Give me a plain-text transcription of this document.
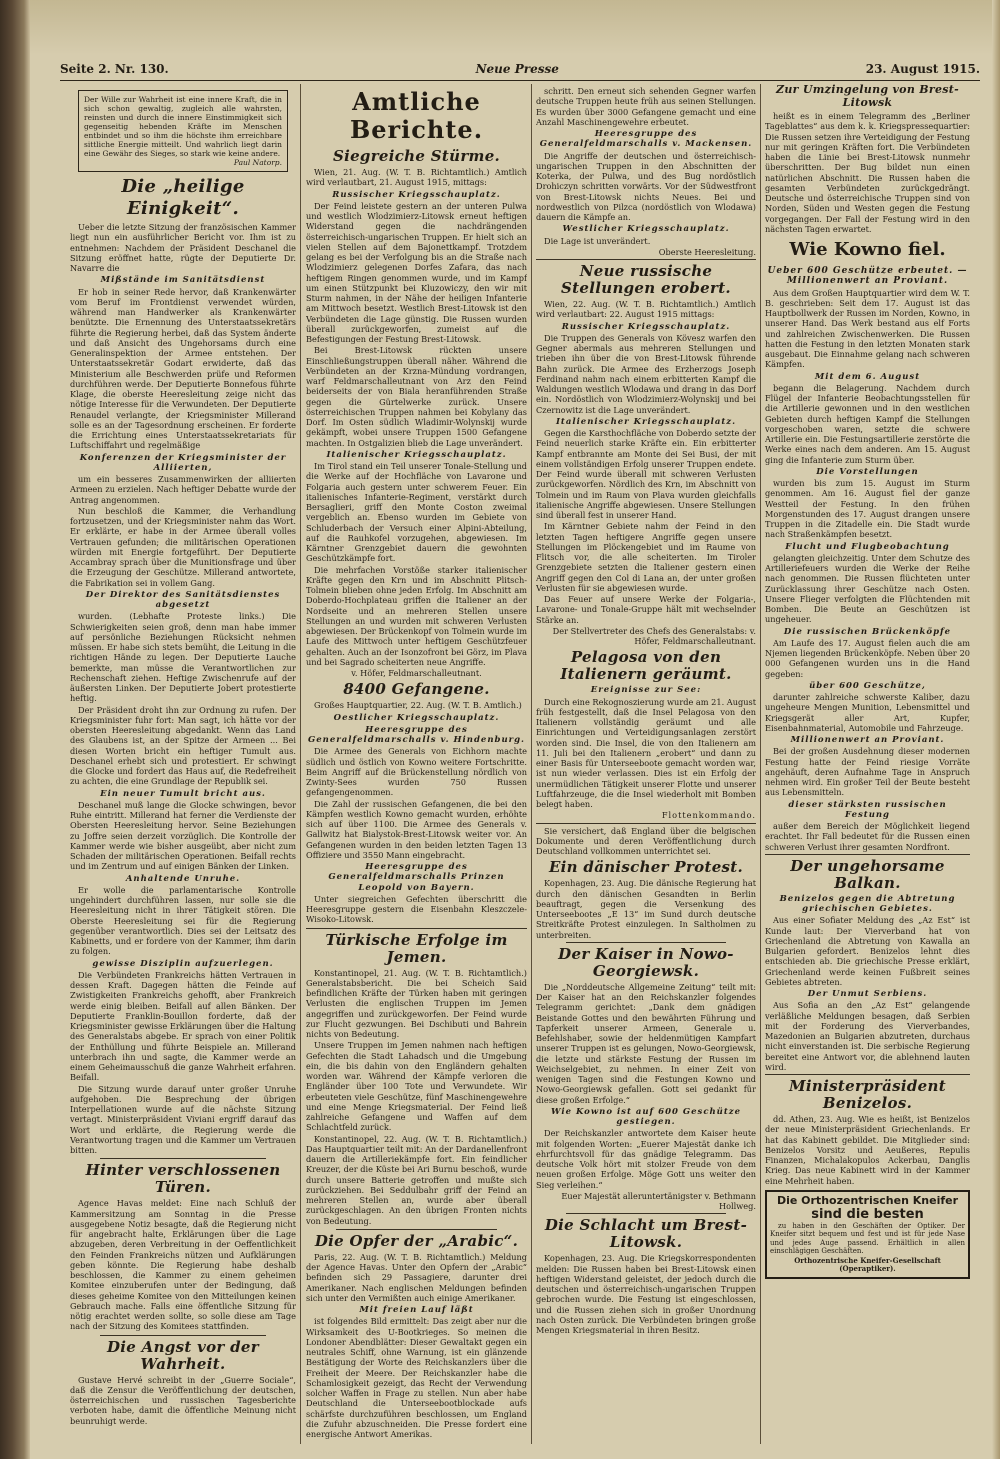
Seite 2. Nr. 130.	Neue Presse	23. August 1915.
Der Wille zur Wahrheit ist eine innere Kraft, die in sich schon gewaltig, zugleich alle wahrsten, reinsten und durch die innere Einstimmigkeit sich gegenseitig hebenden Kräfte im Menschen entbindet und so ihm die höchste ihm erreichbare sittliche Energie mitteilt. Und wahrlich liegt darin eine Gewähr des Sieges, so stark wie keine andere.
Paul Natorp.
Die „heilige Einigkeit“.

Ueber die letzte Sitzung der französischen Kammer liegt nun ein ausführlicher Bericht vor. Ihm ist zu entnehmen: Nachdem der Präsident Deschanel die Sitzung eröffnet hatte, rügte der Deputierte Dr. Navarre die

Mißstände im Sanitätsdienst

Er hob in seiner Rede hervor, daß Krankenwärter vom Beruf im Frontdienst verwendet würden, während man Handwerker als Krankenwärter benützte. Die Ernennung des Unterstaatssekretärs führte die Regierung herbei, daß das System änderte und daß Ansicht des Ungehorsams durch eine Generalinspektion der Armee entstehen. Der Unterstaatssekretär Godart erwiderte, daß das Ministerium alle Beschwerden prüfe und Reformen durchführen werde. Der Deputierte Bonnefous führte Klage, die oberste Heeresleitung zeige nicht das nötige Interesse für die Verwundeten. Der Deputierte Renaudel verlangte, der Kriegsminister Millerand solle es an der Tagesordnung erscheinen. Er forderte die Errichtung eines Unterstaatssekretariats für Luftschiffahrt und regelmäßige

Konferenzen der Kriegsminister der Alliierten,

um ein besseres Zusammenwirken der alliierten Armeen zu erzielen. Nach heftiger Debatte wurde der Antrag angenommen.

Nun beschloß die Kammer, die Verhandlung fortzusetzen, und der Kriegsminister nahm das Wort. Er erklärte, er habe in der Armee überall volles Vertrauen gefunden; die militärischen Operationen würden mit Energie fortgeführt. Der Deputierte Accambray sprach über die Munitionsfrage und über die Erzeugung der Geschütze. Millerand antwortete, die Fabrikation sei in vollem Gang.

Der Direktor des Sanitätsdienstes abgesetzt

wurden. (Lebhafte Proteste links.) Die Schwierigkeiten seien groß, denn man habe immer auf persönliche Beziehungen Rücksicht nehmen müssen. Er habe sich stets bemüht, die Leitung in die richtigen Hände zu legen. Der Deputierte Lauche bemerkte, man müsse die Verantwortlichen zur Rechenschaft ziehen. Heftige Zwischenrufe auf der äußersten Linken. Der Deputierte Jobert protestierte heftig.

Der Präsident droht ihn zur Ordnung zu rufen. Der Kriegsminister fuhr fort: Man sagt, ich hätte vor der obersten Heeresleitung abgedankt. Wenn das Land des Glaubens ist, an der Spitze der Armeen ... Bei diesen Worten bricht ein heftiger Tumult aus. Deschanel erhebt sich und protestiert. Er schwingt die Glocke und fordert das Haus auf, die Redefreiheit zu achten, die eine Grundlage der Republik sei.

Ein neuer Tumult bricht aus.

Deschanel muß lange die Glocke schwingen, bevor Ruhe eintritt. Millerand hat ferner die Verdienste der Obersten Heeresleitung hervor. Seine Beziehungen zu Joffre seien derzeit vorzüglich. Die Kontrolle der Kammer werde wie bisher ausgeübt, aber nicht zum Schaden der militärischen Operationen. Beifall rechts und im Zentrum und auf einigen Bänken der Linken.

Anhaltende Unruhe.

Er wolle die parlamentarische Kontrolle ungehindert durchführen lassen, nur solle sie die Heeresleitung nicht in ihrer Tätigkeit stören. Die Oberste Heeresleitung sei für die Regierung gegenüber verantwortlich. Dies sei der Leitsatz des Kabinetts, und er fordere von der Kammer, ihm darin zu folgen.

gewisse Disziplin aufzuerlegen.

Die Verbündeten Frankreichs hätten Vertrauen in dessen Kraft. Dagegen hätten die Feinde auf Zwistigkeiten Frankreichs gehofft, aber Frankreich werde einig bleiben. Beifall auf allen Bänken. Der Deputierte Franklin-Bouillon forderte, daß der Kriegsminister gewisse Erklärungen über die Haltung des Generalstabs abgebe. Er sprach von einer Politik der Enthüllung und führte Beispiele an. Millerand unterbrach ihn und sagte, die Kammer werde an einem Geheimausschuß die ganze Wahrheit erfahren. Beifall.

Die Sitzung wurde darauf unter großer Unruhe aufgehoben. Die Besprechung der übrigen Interpellationen wurde auf die nächste Sitzung vertagt. Ministerpräsident Viviani ergriff darauf das Wort und erklärte, die Regierung werde die Verantwortung tragen und die Kammer um Vertrauen bitten.

Hinter verschlossenen Türen.

Agence Havas meldet: Eine nach Schluß der Kammersitzung am Sonntag in die Presse ausgegebene Notiz besagte, daß die Regierung nicht für angebracht halte, Erklärungen über die Lage abzugeben, deren Verbreitung in der Oeffentlichkeit den Feinden Frankreichs nützen und Aufklärungen geben könnte. Die Regierung habe deshalb beschlossen, die Kammer zu einem geheimen Komitee einzuberufen unter der Bedingung, daß dieses geheime Komitee von den Mitteilungen keinen Gebrauch mache. Falls eine öffentliche Sitzung für nötig erachtet werden sollte, so solle diese am Tage nach der Sitzung des Komitees stattfinden.

Die Angst vor der Wahrheit.

Gustave Hervé schreibt in der „Guerre Sociale“, daß die Zensur die Veröffentlichung der deutschen, österreichischen und russischen Tagesberichte verboten habe, damit die öffentliche Meinung nicht beunruhigt werde.

Amtliche Berichte.
Siegreiche Stürme.

Wien, 21. Aug. (W. T. B. Richtamtlich.) Amtlich wird verlautbart, 21. August 1915, mittags:

Russischer Kriegsschauplatz.

Der Feind leistete gestern an der unteren Pulwa und westlich Wlodzimierz-Litowsk erneut heftigen Widerstand gegen die nachdrängenden österreichisch-ungarischen Truppen. Er hielt sich an vielen Stellen auf dem Bajonettkampf. Trotzdem gelang es bei der Verfolgung bis an die Straße nach Wlodzimierz gelegenen Dorfes Zafara, das nach heftigem Ringen genommen wurde, und im Kampf um einen Stützpunkt bei Kluzowiczy, den wir mit Sturm nahmen, in der Nähe der heiligen Infanterie am Mittwoch besetzt. Westlich Brest-Litowsk ist den Verbündeten die Lage günstig. Die Russen wurden überall zurückgeworfen, zumeist auf die Befestigungen der Festung Brest-Litowsk.

Bei Brest-Litowsk rückten unsere Einschließungstruppen überall näher. Während die Verbündeten an der Krzna-Mündung vordrangen, warf Feldmarschalleutnant von Arz den Feind beiderseits der von Biala heranführenden Straße gegen die Gürtelwerke zurück. Unsere österreichischen Truppen nahmen bei Kobylany das Dorf. Im Osten südlich Wladimir-Wolynskij wurde gekämpft, wobei unsere Truppen 1500 Gefangene machten. In Ostgalizien blieb die Lage unverändert.

Italienischer Kriegsschauplatz.

Im Tirol stand ein Teil unserer Tonale-Stellung und die Werke auf der Hochfläche von Lavarone und Folgaria auch gestern unter schwerem Feuer. Ein italienisches Infanterie-Regiment, verstärkt durch Bersaglieri, griff den Monte Coston zweimal vergeblich an. Ebenso wurden im Gebiete von Schluderbach der Versuch einer Alpini-Abteilung, auf die Rauhkofel vorzugehen, abgewiesen. Im Kärntner Grenzgebiet dauern die gewohnten Geschützkämpfe fort.

Die mehrfachen Vorstöße starker italienischer Kräfte gegen den Krn und im Abschnitt Plitsch-Tolmein blieben ohne jeden Erfolg. Im Abschnitt am Doberdo-Hochplateau griffen die Italiener an der Nordseite und an mehreren Stellen unsere Stellungen an und wurden mit schweren Verlusten abgewiesen. Der Brückenkopf von Tolmein wurde im Laufe des Mittwoch unter heftigem Geschützfeuer gehalten. Auch an der Isonzofront bei Görz, im Plava und bei Sagrado scheiterten neue Angriffe.

v. Höfer, Feldmarschalleutnant.

8400 Gefangene.

Großes Hauptquartier, 22. Aug. (W. T. B. Amtlich.)

Oestlicher Kriegsschauplatz.
Heeresgruppe des Generalfeldmarschalls v. Hindenburg.

Die Armee des Generals von Eichhorn machte südlich und östlich von Kowno weitere Fortschritte. Beim Angriff auf die Brückenstellung nördlich von Zwinty-Sees wurden 750 Russen gefangengenommen.

Die Zahl der russischen Gefangenen, die bei den Kämpfen westlich Kowno gemacht wurden, erhöhte sich auf über 1100. Die Armee des Generals v. Gallwitz hat Bialystok-Brest-Litowsk weiter vor. An Gefangenen wurden in den beiden letzten Tagen 13 Offiziere und 3550 Mann eingebracht.

Heeresgruppe des Generalfeldmarschalls Prinzen Leopold von Bayern.

Unter siegreichen Gefechten überschritt die Heeresgruppe gestern die Eisenbahn Kleszczele-Wisoko-Litowsk.

Türkische Erfolge im Jemen.

Konstantinopel, 21. Aug. (W. T. B. Richtamtlich.) Generalstabsbericht. Die bei Scheich Said befindlichen Kräfte der Türken haben mit geringen Verlusten die englischen Truppen im Jemen angegriffen und zurückgeworfen. Der Feind wurde zur Flucht gezwungen. Bei Dschibuti und Bahrein nichts von Bedeutung.

Unsere Truppen im Jemen nahmen nach heftigen Gefechten die Stadt Lahadsch und die Umgebung ein, die bis dahin von den Engländern gehalten worden war. Während der Kämpfe verloren die Engländer über 100 Tote und Verwundete. Wir erbeuteten viele Geschütze, fünf Maschinengewehre und eine Menge Kriegsmaterial. Der Feind ließ zahlreiche Gefangene und Waffen auf dem Schlachtfeld zurück.

Konstantinopel, 22. Aug. (W. T. B. Richtamtlich.) Das Hauptquartier teilt mit: An der Dardanellenfront dauern die Artilleriekämpfe fort. Ein feindlicher Kreuzer, der die Küste bei Ari Burnu beschoß, wurde durch unsere Batterie getroffen und mußte sich zurückziehen. Bei Seddulbahr griff der Feind an mehreren Stellen an, wurde aber überall zurückgeschlagen. An den übrigen Fronten nichts von Bedeutung.

Die Opfer der „Arabic“.

Paris, 22. Aug. (W. T. B. Richtamtlich.) Meldung der Agence Havas. Unter den Opfern der „Arabic“ befinden sich 29 Passagiere, darunter drei Amerikaner. Nach englischen Meldungen befinden sich unter den Vermißten auch einige Amerikaner.

Mit freien Lauf läßt

ist folgendes Bild ermittelt: Das zeigt aber nur die Wirksamkeit des U-Bootkrieges. So meinen die Londoner Abendblätter: Dieser Gewaltakt gegen ein neutrales Schiff, ohne Warnung, ist ein glänzende Bestätigung der Worte des Reichskanzlers über die Freiheit der Meere. Der Reichskanzler habe die Schamlosigkeit gezeigt, das Recht der Verwendung solcher Waffen in Frage zu stellen. Nun aber habe Deutschland die Unterseebootblockade aufs schärfste durchzuführen beschlossen, um England die Zufuhr abzuschneiden. Die Presse fordert eine energische Antwort Amerikas.

schritt. Den erneut sich sehenden Gegner warfen deutsche Truppen heute früh aus seinen Stellungen. Es wurden über 3000 Gefangene gemacht und eine Anzahl Maschinengewehre erbeutet.

Heeresgruppe des Generalfeldmarschalls v. Mackensen.

Die Angriffe der deutschen und österreichisch-ungarischen Truppen in den Abschnitten der Koterka, der Pulwa, und des Bug nordöstlich Drohiczyn schritten vorwärts. Vor der Südwestfront von Brest-Litowsk nichts Neues. Bei und nordwestlich von Pilzca (nordöstlich von Wlodawa) dauern die Kämpfe an.

Westlicher Kriegsschauplatz.

Die Lage ist unverändert.

Oberste Heeresleitung.

Neue russische Stellungen erobert.

Wien, 22. Aug. (W. T. B. Richtamtlich.) Amtlich wird verlautbart: 22. August 1915 mittags:

Russischer Kriegsschauplatz.

Die Truppen des Generals von Kövesz warfen den Gegner abermals aus mehreren Stellungen und trieben ihn über die von Brest-Litowsk führende Bahn zurück. Die Armee des Erzherzogs Joseph Ferdinand nahm nach einem erbitterten Kampf die Waldungen westlich Wlodawa und drang in das Dorf ein. Nordöstlich von Wlodzimierz-Wolynskij und bei Czernowitz ist die Lage unverändert.

Italienischer Kriegsschauplatz.

Gegen die Karsthochfläche von Doberdo setzte der Feind neuerlich starke Kräfte ein. Ein erbitterter Kampf entbrannte am Monte dei Sei Busi, der mit einem vollständigen Erfolg unserer Truppen endete. Der Feind wurde überall mit schweren Verlusten zurückgeworfen. Nördlich des Krn, im Abschnitt von Tolmein und im Raum von Plava wurden gleichfalls italienische Angriffe abgewiesen. Unsere Stellungen sind überall fest in unserer Hand.

Im Kärntner Gebiete nahm der Feind in den letzten Tagen heftigere Angriffe gegen unsere Stellungen im Plöckengebiet und im Raume von Flitsch vor, die alle scheiterten. Im Tiroler Grenzgebiete setzten die Italiener gestern einen Angriff gegen den Col di Lana an, der unter großen Verlusten für sie abgewiesen wurde.

Das Feuer auf unsere Werke der Folgaria-, Lavarone- und Tonale-Gruppe hält mit wechselnder Stärke an.

Der Stellvertreter des Chefs des Generalstabs: v. Höfer, Feldmarschalleutnant.

Pelagosa von den Italienern geräumt.
Ereignisse zur See:

Durch eine Rekognoszierung wurde am 21. August früh festgestellt, daß die Insel Pelagosa von den Italienern vollständig geräumt und alle Einrichtungen und Verteidigungsanlagen zerstört worden sind. Die Insel, die von den Italienern am 11. Juli bei den Italienern „erobert“ und dann zu einer Basis für Unterseeboote gemacht worden war, ist nun wieder verlassen. Dies ist ein Erfolg der unermüdlichen Tätigkeit unserer Flotte und unserer Luftfahrzeuge, die die Insel wiederholt mit Bomben belegt haben.

Flottenkommando.

Sie versichert, daß England über die belgischen Dokumente und deren Veröffentlichung durch Deutschland vollkommen unterrichtet sei.

Ein dänischer Protest.

Kopenhagen, 23. Aug. Die dänische Regierung hat durch den dänischen Gesandten in Berlin beauftragt, gegen die Versenkung des Unterseebootes „E 13“ im Sund durch deutsche Streitkräfte Protest einzulegen. In Saltholmen zu unterbreiten.

Der Kaiser in Nowo-Georgiewsk.

Die „Norddeutsche Allgemeine Zeitung“ teilt mit: Der Kaiser hat an den Reichskanzler folgendes Telegramm gerichtet: „Dank dem gnädigen Beistande Gottes und den bewährten Führung und Tapferkeit unserer Armeen, Generale u. Befehlshaber, sowie der heldenmütigen Kampfart unserer Truppen ist es gelungen, Nowo-Georgiewsk, die letzte und stärkste Festung der Russen im Weichselgebiet, zu nehmen. In einer Zeit von wenigen Tagen sind die Festungen Kowno und Nowo-Georgiewsk gefallen. Gott sei gedankt für diese großen Erfolge.“

Wie Kowno ist auf 600 Geschütze gestiegen.

Der Reichskanzler antwortete dem Kaiser heute mit folgenden Worten: „Euerer Majestät danke ich ehrfurchtsvoll für das gnädige Telegramm. Das deutsche Volk hört mit stolzer Freude von dem neuen großen Erfolge. Möge Gott uns weiter den Sieg verleihen.“

Euer Majestät alleruntertänigster v. Bethmann Hollweg.

Die Schlacht um Brest-Litowsk.

Kopenhagen, 23. Aug. Die Kriegskorrespondenten melden: Die Russen haben bei Brest-Litowsk einen heftigen Widerstand geleistet, der jedoch durch die deutschen und österreichisch-ungarischen Truppen gebrochen wurde. Die Festung ist eingeschlossen, und die Russen ziehen sich in großer Unordnung nach Osten zurück. Die Verbündeten bringen große Mengen Kriegsmaterial in ihren Besitz.

Zur Umzingelung von Brest-Litowsk

heißt es in einem Telegramm des „Berliner Tageblattes“ aus dem k. k. Kriegspressequartier: Die Russen setzen ihre Verteidigung der Festung nur mit geringen Kräften fort. Die Verbündeten haben die Linie bei Brest-Litowsk nunmehr überschritten. Der Bug bildet nun einen natürlichen Abschnitt. Die Russen haben die gesamten Verbündeten zurückgedrängt. Deutsche und österreichische Truppen sind von Norden, Süden und Westen gegen die Festung vorgegangen. Der Fall der Festung wird in den nächsten Tagen erwartet.

Wie Kowno fiel.
Ueber 600 Geschütze erbeutet. — Millionenwert an Proviant.

Aus dem Großen Hauptquartier wird dem W. T. B. geschrieben: Seit dem 17. August ist das Hauptbollwerk der Russen im Norden, Kowno, in unserer Hand. Das Werk bestand aus elf Forts und zahlreichen Zwischenwerken. Die Russen hatten die Festung in den letzten Monaten stark ausgebaut. Die Einnahme gelang nach schweren Kämpfen.

Mit dem 6. August

begann die Belagerung. Nachdem durch Flügel der Infanterie Beobachtungsstellen für die Artillerie gewonnen und in den westlichen Gebieten durch heftigen Kampf die Stellungen vorgeschoben waren, setzte die schwere Artillerie ein. Die Festungsartillerie zerstörte die Werke eines nach dem anderen. Am 15. August ging die Infanterie zum Sturm über.

Die Vorstellungen

wurden bis zum 15. August im Sturm genommen. Am 16. August fiel der ganze Westteil der Festung. In den frühen Morgenstunden des 17. August drangen unsere Truppen in die Zitadelle ein. Die Stadt wurde nach Straßenkämpfen besetzt.

Flucht und Flugbeobachtung

gelangten gleichzeitig. Unter dem Schutze des Artilleriefeuers wurden die Werke der Reihe nach genommen. Die Russen flüchteten unter Zurücklassung ihrer Geschütze nach Osten. Unsere Flieger verfolgten die Flüchtenden mit Bomben. Die Beute an Geschützen ist ungeheuer.

Die russischen Brückenköpfe

Am Laufe des 17. August fielen auch die am Njemen liegenden Brückenköpfe. Neben über 20 000 Gefangenen wurden uns in die Hand gegeben:

über 600 Geschütze,

darunter zahlreiche schwerste Kaliber, dazu ungeheure Mengen Munition, Lebensmittel und Kriegsgerät aller Art, Kupfer, Eisenbahnmaterial, Automobile und Fahrzeuge.

Millionenwert an Proviant.

Bei der großen Ausdehnung dieser modernen Festung hatte der Feind riesige Vorräte angehäuft, deren Aufnahme Tage in Anspruch nehmen wird. Ein großer Teil der Beute besteht aus Lebensmitteln.

dieser stärksten russischen Festung

außer dem Bereich der Möglichkeit liegend erachtet. Ihr Fall bedeutet für die Russen einen schweren Verlust ihrer gesamten Nordfront.

Der ungehorsame Balkan.
Benizelos gegen die Abtretung griechischen Gebietes.

Aus einer Sofiater Meldung des „Az Est“ ist Kunde laut: Der Vierverband hat von Griechenland die Abtretung von Kawalla an Bulgarien gefordert. Benizelos lehnt dies entschieden ab. Die griechische Presse erklärt, Griechenland werde keinen Fußbreit seines Gebietes abtreten.

Der Unmut Serbiens.

Aus Sofia an den „Az Est“ gelangende verläßliche Meldungen besagen, daß Serbien mit der Forderung des Vierverbandes, Mazedonien an Bulgarien abzutreten, durchaus nicht einverstanden ist. Die serbische Regierung bereitet eine Antwort vor, die ablehnend lauten wird.

Ministerpräsident Benizelos.

dd. Athen, 23. Aug. Wie es heißt, ist Benizelos der neue Ministerpräsident Griechenlands. Er hat das Kabinett gebildet. Die Mitglieder sind: Benizelos Vorsitz und Aeußeres, Repulis Finanzen, Michalakopulos Ackerbau, Danglis Krieg. Das neue Kabinett wird in der Kammer eine Mehrheit haben.

Die Orthozentrischen Kneifer
sind die besten

zu haben in den Geschäften der Optiker. Der Kneifer sitzt bequem und fest und ist für jede Nase und jedes Auge passend. Erhältlich in allen einschlägigen Geschäften.

Orthozentrische Kneifer-Gesellschaft (Operaptiker).
